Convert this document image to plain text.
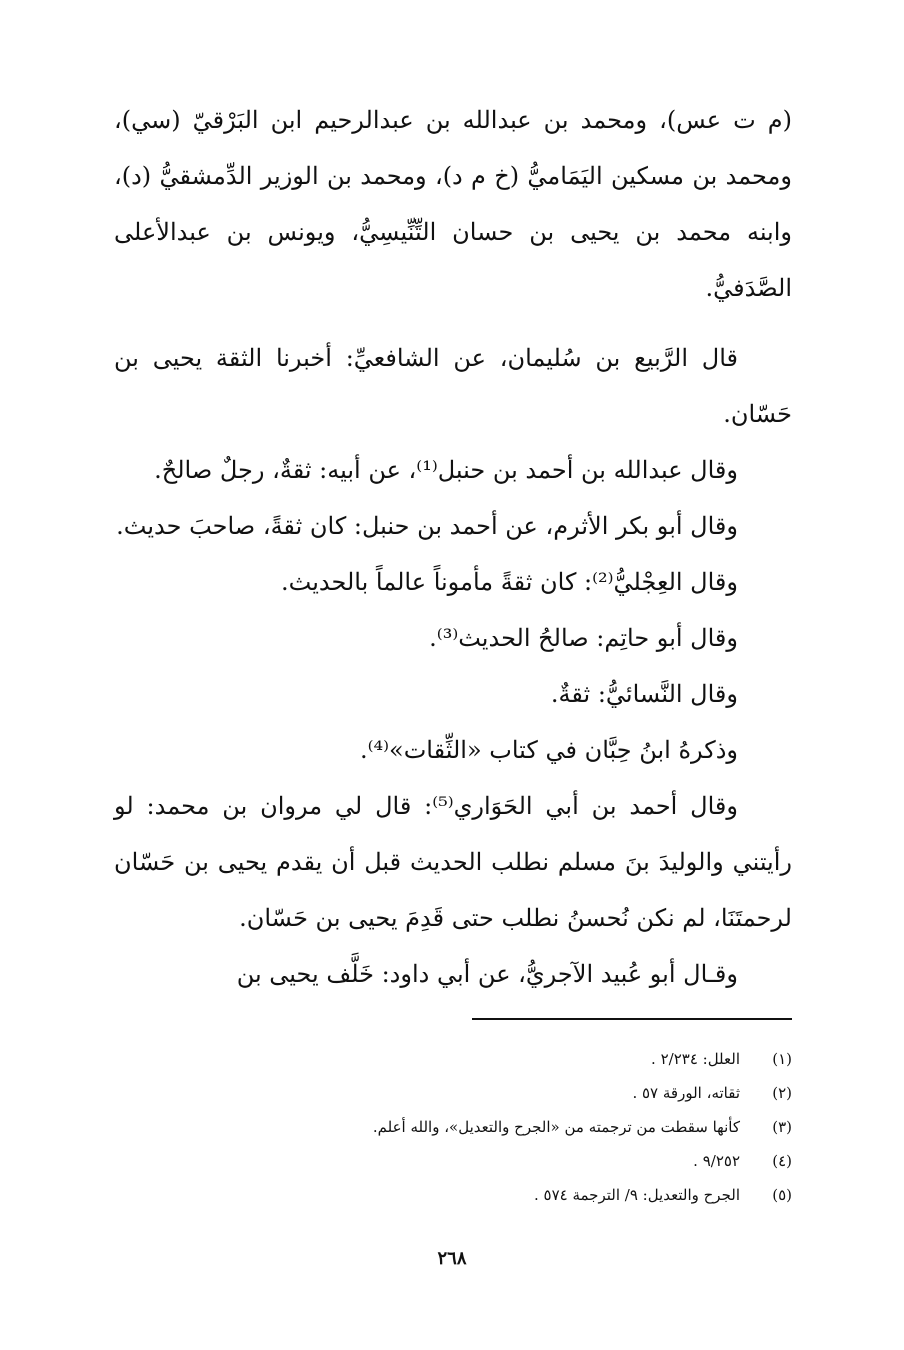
(م ت عس)، ومحمد بن عبدالله بن عبدالرحيم ابن البَرْقيّ (سي)، ومحمد بن مسكين اليَمَاميُّ (خ م د)، ومحمد بن الوزير الدِّمشقيُّ (د)، وابنه محمد بن يحيى بن حسان التِّنِّيسِيُّ، ويونس بن عبدالأعلى الصَّدَفيُّ.

قال الرَّبيع بن سُليمان، عن الشافعيِّ: أخبرنا الثقة يحيى بن حَسّان.

وقال عبدالله بن أحمد بن حنبل⁽¹⁾، عن أبيه: ثقةٌ، رجلٌ صالحٌ.

وقال أبو بكر الأثرم، عن أحمد بن حنبل: كان ثقةً، صاحبَ حديث.

وقال العِجْليُّ⁽²⁾: كان ثقةً مأموناً عالماً بالحديث.

وقال أبو حاتِم: صالحُ الحديث⁽³⁾.

وقال النَّسائيُّ: ثقةٌ.

وذكرهُ ابنُ حِبَّان في كتاب «الثِّقات»⁽⁴⁾.

وقال أحمد بن أبي الحَوَاري⁽⁵⁾: قال لي مروان بن محمد: لو رأيتني والوليدَ بنَ مسلم نطلب الحديث قبل أن يقدم يحيى بن حَسّان لرحمتَنَا، لم نكن نُحسنُ نطلب حتى قَدِمَ يحيى بن حَسّان.

وقـال أبو عُبيد الآجريُّ، عن أبي داود: خَلَّف يحيى بن

(١)
العلل: ٢/٢٣٤ .
(٢)
ثقاته، الورقة ٥٧ .
(٣)
كأنها سقطت من ترجمته من «الجرح والتعديل»، والله أعلم.
(٤)
٩/٢٥٢ .
(٥)
الجرح والتعديل: ٩/ الترجمة ٥٧٤ .
٢٦٨
